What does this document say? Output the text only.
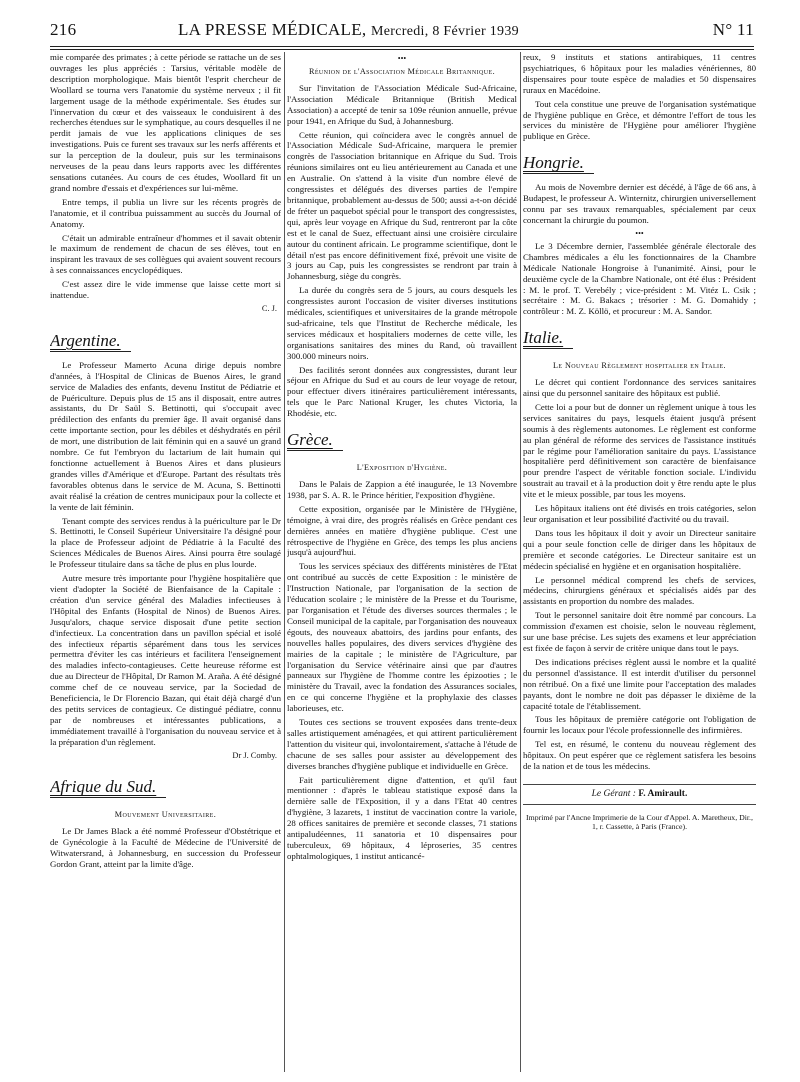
216	LA PRESSE MÉDICALE, Mercredi, 8 Février 1939	N° 11

mie comparée des primates ; à cette période se rattache un de ses ouvrages les plus appréciés : Tarsius, véritable modèle de description morphologique. Mais bientôt l'esprit chercheur de Woollard se tourna vers l'anatomie du système nerveux ; il fit largement usage de la méthode expérimentale. Ses études sur l'innervation du cœur et des vaisseaux le conduisirent à des recherches étendues sur le symphatique, au cours desquelles il ne perdit jamais de vue les applications cliniques de ses investigations. Puis ce furent ses travaux sur les nerfs afférents et sur la perception de la douleur, puis sur les terminaisons nerveuses de la peau dans leurs rapports avec les différentes sensations cutanées. Au cours de ces études, Woollard fit un grand nombre d'essais et d'expériences sur lui-même.

Entre temps, il publia un livre sur les récents progrès de l'anatomie, et il contribua puissamment au succès du Journal of Anatomy.

C'était un admirable entraîneur d'hommes et il savait obtenir le maximum de rendement de chacun de ses élèves, tout en inspirant les travaux de ses collègues qui avaient souvent recours à ses connaissances encyclopédiques.

C'est assez dire le vide immense que laisse cette mort si inattendue.

C. J.
Argentine.

Le Professeur Mamerto Acuna dirige depuis nombre d'années, à l'Hospital de Clinicas de Buenos Aires, le grand service de Maladies des enfants, devenu Institut de Pédiatrie et de Puériculture. Depuis plus de 15 ans il disposait, entre autres assistants, du Dr Saül S. Bettinotti, qui s'occupait avec prédilection des enfants du premier âge. Il avait organisé dans cette importante section, pour les débiles et déshydratés en péril de mort, une distribution de lait féminin qui en a sauvé un grand nombre. Ce fut l'embryon du lactarium de lait humain qui fonctionne actuellement à Buenos Aires et dans plusieurs grandes villes d'Amérique et d'Europe. Partant des résultats très favorables obtenus dans le service de M. Acuna, S. Bettinotti avait réalisé la création de centres municipaux pour la collecte et la vente de lait féminin.

Tenant compte des services rendus à la puériculture par le Dr S. Bettinotti, le Conseil Supérieur Universitaire l'a désigné pour la place de Professeur adjoint de Pédiatrie à la Faculté des Sciences Médicales de Buenos Aires. Ainsi pourra être soulagé le Professeur titulaire dans sa tâche de plus en plus lourde.

Autre mesure très importante pour l'hygiène hospitalière que vient d'adopter la Société de Bienfaisance de la Capitale : création d'un service général des Maladies infectieuses à l'Hôpital des Enfants (Hospital de Ninos) de Buenos Aires. Jusqu'alors, chaque service disposait d'une petite section d'infectieux. La concentration dans un pavillon spécial et isolé des infectieux répartis séparément dans tous les services permettra d'éviter les cas intérieurs et facilitera l'enseignement des maladies infecto-contagieuses. Cette heureuse réforme est due au Directeur de l'Hôpital, Dr Ramon M. Araña. A été désigné comme chef de ce nouveau service, par la Sociedad de Beneficiencia, le Dr Florencio Bazan, qui était déjà chargé d'un des petits services de contagieux. Ce distingué pédiatre, connu par de nombreuses et intéressantes publications, a immédiatement travaillé à l'organisation du nouveau service et à la préparation d'un règlement.

Dr J. Comby.
Afrique du Sud.
Mouvement Universitaire.

Le Dr James Black a été nommé Professeur d'Obstétrique et de Gynécologie à la Faculté de Médecine de l'Université de Witwatersrand, à Johannesburg, en succession du Professeur Gordon Grant, atteint par la limite d'âge.

•••
Réunion de l'Association Médicale Britannique.

Sur l'invitation de l'Association Médicale Sud-Africaine, l'Association Médicale Britannique (British Medical Association) a accepté de tenir sa 109e réunion annuelle, prévue pour 1941, en Afrique du Sud, à Johannesburg.

Cette réunion, qui coïncidera avec le congrès annuel de l'Association Médicale Sud-Africaine, marquera le premier congrès de l'association britannique en Afrique du Sud. Trois réunions similaires ont eu lieu antérieurement au Canada et une en Australie. On s'attend à la visite d'un nombre élevé de congressistes et délégués des diverses parties de l'empire britannique, probablement au-dessus de 500; aussi a-t-on décidé de fréter un paquebot spécial pour le transport des congressistes, qui, après leur voyage en Afrique du Sud, rentreront par la côte est et le canal de Suez, effectuant ainsi une croisière circulaire autour du continent africain. Le programme scientifique, dont le détail n'est pas encore définitivement fixé, prévoit une visite de 3 jours au Cap, puis les congressistes se rendront par train à Johannesburg, siège du congrès.

La durée du congrès sera de 5 jours, au cours desquels les congressistes auront l'occasion de visiter diverses institutions médicales, scientifiques et universitaires de la grande métropole sud-africaine, tels que l'Institut de Recherche médicale, les services médicaux et hospitaliers modernes de cette ville, les organisations sanitaires des mines du Rand, où travaillent 300.000 mineurs noirs.

Des facilités seront données aux congressistes, durant leur séjour en Afrique du Sud et au cours de leur voyage de retour, pour effectuer divers itinéraires particulièrement intéressants, tels que le Parc National Kruger, les chutes Victoria, la Rhodésie, etc.

Grèce.
L'Exposition d'Hygiène.

Dans le Palais de Zappion a été inaugurée, le 13 Novembre 1938, par S. A. R. le Prince héritier, l'exposition d'hygiène.

Cette exposition, organisée par le Ministère de l'Hygiène, témoigne, à vrai dire, des progrès réalisés en Grèce pendant ces dernières années en matière d'hygiène publique. C'est une rétrospective de l'hygiène en Grèce, des temps les plus anciens jusqu'à aujourd'hui.

Tous les services spéciaux des différents ministères de l'Etat ont contribué au succès de cette Exposition : le ministère de l'Instruction Nationale, par l'organisation de la section de l'éducation scolaire ; le ministère de la Presse et du Tourisme, par l'organisation et l'étude des diverses sources thermales ; le Conseil municipal de la capitale, par l'organisation des nouveaux égouts, des nouveaux abattoirs, des jardins pour enfants, des nouvelles halles populaires, des divers services d'hygiène des mairies de la capitale ; le ministère de l'Agriculture, par l'organisation du Service vétérinaire ainsi que par d'autres panneaux sur l'hygiène de l'homme contre les épizooties ; le ministère du Travail, avec la fondation des Assurances sociales, en ce qui concerne l'hygiène et la prophylaxie des classes laborieuses, etc.

Toutes ces sections se trouvent exposées dans trente-deux salles artistiquement aménagées, et qui attirent particulièrement l'attention du visiteur qui, involontairement, s'attache à l'étude de chacune de ses salles pour assister au développement des diverses branches d'hygiène publique et individuelle en Grèce.

Fait particulièrement digne d'attention, et qu'il faut mentionner : d'après le tableau statistique exposé dans la dernière salle de l'Exposition, il y a dans l'Etat 40 centres d'hygiène, 3 lazarets, 1 institut de vaccination contre la variole, 28 offices sanitaires de première et seconde classes, 71 stations antipaludéennes, 11 sanatoria et 10 dispensaires pour tuberculeux, 69 hôpitaux, 4 léproseries, 35 centres ophtalmologiques, 1 institut anticancé-

reux, 9 instituts et stations antirabiques, 11 centres psychiatriques, 6 hôpitaux pour les maladies vénériennes, 80 dispensaires pour toute espèce de maladies et 50 dispensaires ruraux en Macédoine.

Tout cela constitue une preuve de l'organisation systématique de l'hygiène publique en Grèce, et démontre l'effort de tous les services du ministère de l'Hygiène pour améliorer l'hygiène publique en Grèce.

Hongrie.

Au mois de Novembre dernier est décédé, à l'âge de 66 ans, à Budapest, le professeur A. Winternitz, chirurgien universellement connu par ses travaux remarquables, spécialement par ceux concernant la chirurgie du poumon.

•••

Le 3 Décembre dernier, l'assemblée générale électorale des Chambres médicales a élu les fonctionnaires de la Chambre Médicale Nationale Hongroise à l'unanimité. Ainsi, pour le deuxième cycle de la Chambre Nationale, ont été élus : Président : M. le prof. T. Verebély ; vice-président : M. Vitéz L. Csik ; secrétaire : M. G. Bakacs ; trésorier : M. G. Domahidy ; contrôleur : M. Z. Köllö, et procureur : M. A. Sandor.

Italie.
Le Nouveau Règlement hospitalier en Italie.

Le décret qui contient l'ordonnance des services sanitaires ainsi que du personnel sanitaire des hôpitaux est publié.

Cette loi a pour but de donner un règlement unique à tous les services sanitaires du pays, lesquels étaient jusqu'à présent soumis à des règlements autonomes. Le règlement est conforme au plan général de réforme des services de l'assistance institués par le régime pour l'amélioration sanitaire du pays. L'assistance hospitalière perd définitivement son caractère de bienfaisance pour prendre l'aspect de véritable fonction sociale. L'individu soustrait au travail et à la production doit y être rendu apte le plus vite et le mieux possible, par tous les moyens.

Les hôpitaux italiens ont été divisés en trois catégories, selon leur organisation et leur possibilité d'activité ou du travail.

Dans tous les hôpitaux il doit y avoir un Directeur sanitaire qui a pour seule fonction celle de diriger dans les hôpitaux de première et seconde catégories. Le Directeur sanitaire est un médecin spécialisé en hygiène et en organisation hospitalière.

Le personnel médical comprend les chefs de services, médecins, chirurgiens généraux et spécialisés aidés par des assistants en proportion du nombre des malades.

Tout le personnel sanitaire doit être nommé par concours. La commission d'examen est choisie, selon le nouveau règlement, sur une base précise. Les sujets des examens et leur appréciation est fixée de façon à servir de critère unique dans tout le pays.

Des indications précises règlent aussi le nombre et la qualité du personnel d'assistance. Il est interdit d'utiliser du personnel non rétribué. On a fixé une limite pour l'acceptation des malades payants, dont le nombre ne doit pas dépasser le dixième de la capacité totale de l'établissement.

Tous les hôpitaux de première catégorie ont l'obligation de fournir les locaux pour l'école professionnelle des infirmières.

Tel est, en résumé, le contenu du nouveau règlement des hôpitaux. On peut espérer que ce règlement satisfera les besoins de la nation et de tous les médecins.

Le Gérant : F. Amirault.
Imprimé par l'Ancne Imprimerie de la Cour d'Appel. A. Maretheux, Dir., 1, r. Cassette, à Paris (France).
